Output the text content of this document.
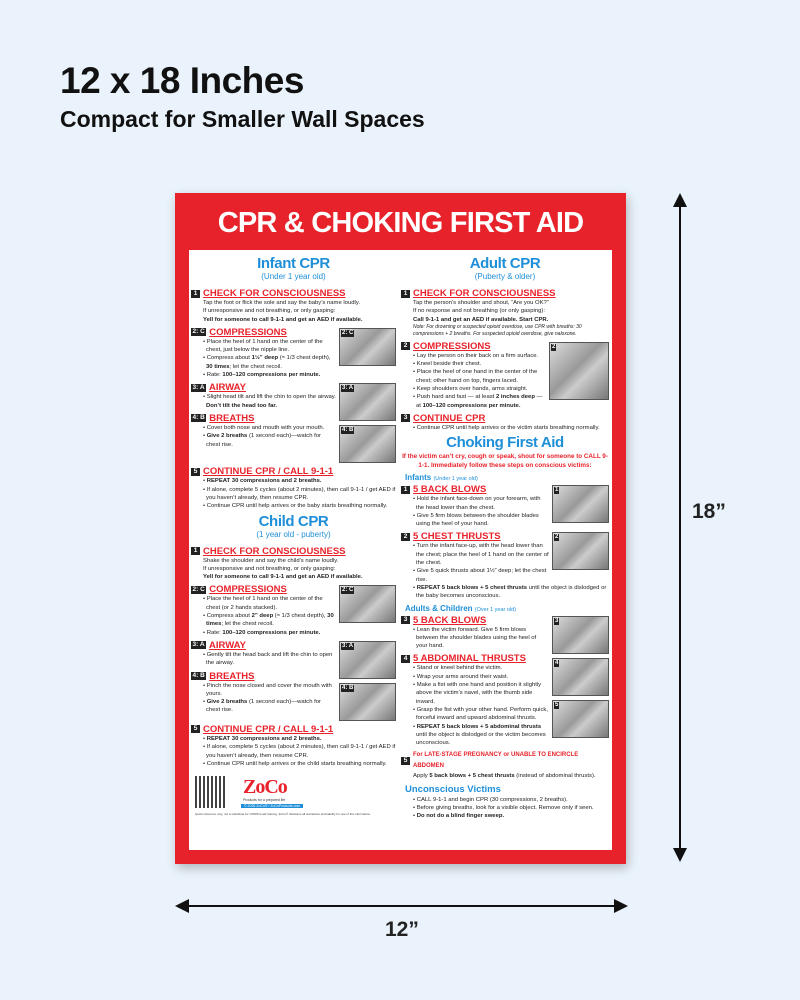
12 x 18 Inches
Compact for Smaller Wall Spaces
CPR & CHOKING FIRST AID
Infant CPR
(Under 1 year old)
1 CHECK FOR CONSCIOUSNESS
Tap the foot or flick the sole and say the baby’s name loudly.
If unresponsive and not breathing, or only gasping:
Yell for someone to call 9-1-1 and get an AED if available.
2: C
2: C COMPRESSIONS
• Place the heel of 1 hand on the center of the chest, just below the nipple line.
• Compress about 1½” deep (≈ 1/3 chest depth), 30 times; let the chest recoil.
• Rate: 100–120 compressions per minute.
3: A
3: A AIRWAY
• Slight head tilt and lift the chin to open the airway. Don’t tilt the head too far.
4: B
4: B BREATHS
• Cover both nose and mouth with your mouth.
• Give 2 breaths (1 second each)—watch for chest rise.
5 CONTINUE CPR / CALL 9-1-1
• REPEAT 30 compressions and 2 breaths.
• If alone, complete 5 cycles (about 2 minutes), then call 9-1-1 / get AED if you haven’t already, then resume CPR.
• Continue CPR until help arrives or the baby starts breathing normally.
Child CPR
(1 year old - puberty)
1 CHECK FOR CONSCIOUSNESS
Shake the shoulder and say the child’s name loudly.
If unresponsive and not breathing, or only gasping:
Yell for someone to call 9-1-1 and get an AED if available.
2: C
2: C COMPRESSIONS
• Place the heel of 1 hand on the center of the chest (or 2 hands stacked).
• Compress about 2” deep (≈ 1/3 chest depth), 30 times; let the chest recoil.
• Rate: 100–120 compressions per minute.
3: A
3: A AIRWAY
• Gently tilt the head back and lift the chin to open the airway.
4: B
4: B BREATHS
• Pinch the nose closed and cover the mouth with yours.
• Give 2 breaths (1 second each)—watch for chest rise.
5 CONTINUE CPR / CALL 9-1-1
• REPEAT 30 compressions and 2 breaths.
• If alone, complete 5 cycles (about 2 minutes), then call 9-1-1 / get AED if you haven’t already, then resume CPR.
• Continue CPR until help arrives or the child starts breathing normally.
ZoCo
Products for a prepared life
© 2026 ZoCo® / ZoCoProducts.com
Quick reference only, not a substitute for CPR/first aid training. ZoCo® disclaims all warranties and liability for use of this information.
Adult CPR
(Puberty & older)
1 CHECK FOR CONSCIOUSNESS
Tap the person’s shoulder and shout, “Are you OK?”
If no response and not breathing (or only gasping):
Call 9-1-1 and get an AED if available. Start CPR.
Note: For drowning or suspected opioid overdose, use CPR with breaths: 30 compressions + 2 breaths. For suspected opioid overdose, give naloxone.
2
2 COMPRESSIONS
• Lay the person on their back on a firm surface.
• Kneel beside their chest.
• Place the heel of one hand in the center of the chest; other hand on top, fingers laced.
• Keep shoulders over hands, arms straight.
• Push hard and fast — at least 2 inches deep — at 100–120 compressions per minute.
3 CONTINUE CPR
• Continue CPR until help arrives or the victim starts breathing normally.
Choking First Aid
If the victim can’t cry, cough or speak, shout for someone to CALL 9-1-1. Immediately follow these steps on conscious victims:
Infants (Under 1 year old)
1
1 5 BACK BLOWS
• Hold the infant face-down on your forearm, with the head lower than the chest.
• Give 5 firm blows between the shoulder blades using the heel of your hand.
2
2 5 CHEST THRUSTS
• Turn the infant face-up, with the head lower than the chest; place the heel of 1 hand on the center of the chest.
• Give 5 quick thrusts about 1½” deep; let the chest rise.
• REPEAT 5 back blows + 5 chest thrusts until the object is dislodged or the baby becomes unconscious.
Adults & Children (Over 1 year old)
3
3 5 BACK BLOWS
• Lean the victim forward. Give 5 firm blows between the shoulder blades using the heel of your hand.
4
5
4 5 ABDOMINAL THRUSTS
• Stand or kneel behind the victim.
• Wrap your arms around their waist.
• Make a fist with one hand and position it slightly above the victim’s navel, with the thumb side inward.
• Grasp the fist with your other hand. Perform quick, forceful inward and upward abdominal thrusts.
• REPEAT 5 back blows + 5 abdominal thrusts until the object is dislodged or the victim becomes unconscious.
5
For LATE-STAGE PREGNANCY or UNABLE TO ENCIRCLE ABDOMEN
Apply 5 back blows + 5 chest thrusts (instead of abdominal thrusts).
Unconscious Victims
• CALL 9-1-1 and begin CPR (30 compressions, 2 breaths).
• Before giving breaths, look for a visible object. Remove only if seen.
• Do not do a blind finger sweep.
18”
12”
